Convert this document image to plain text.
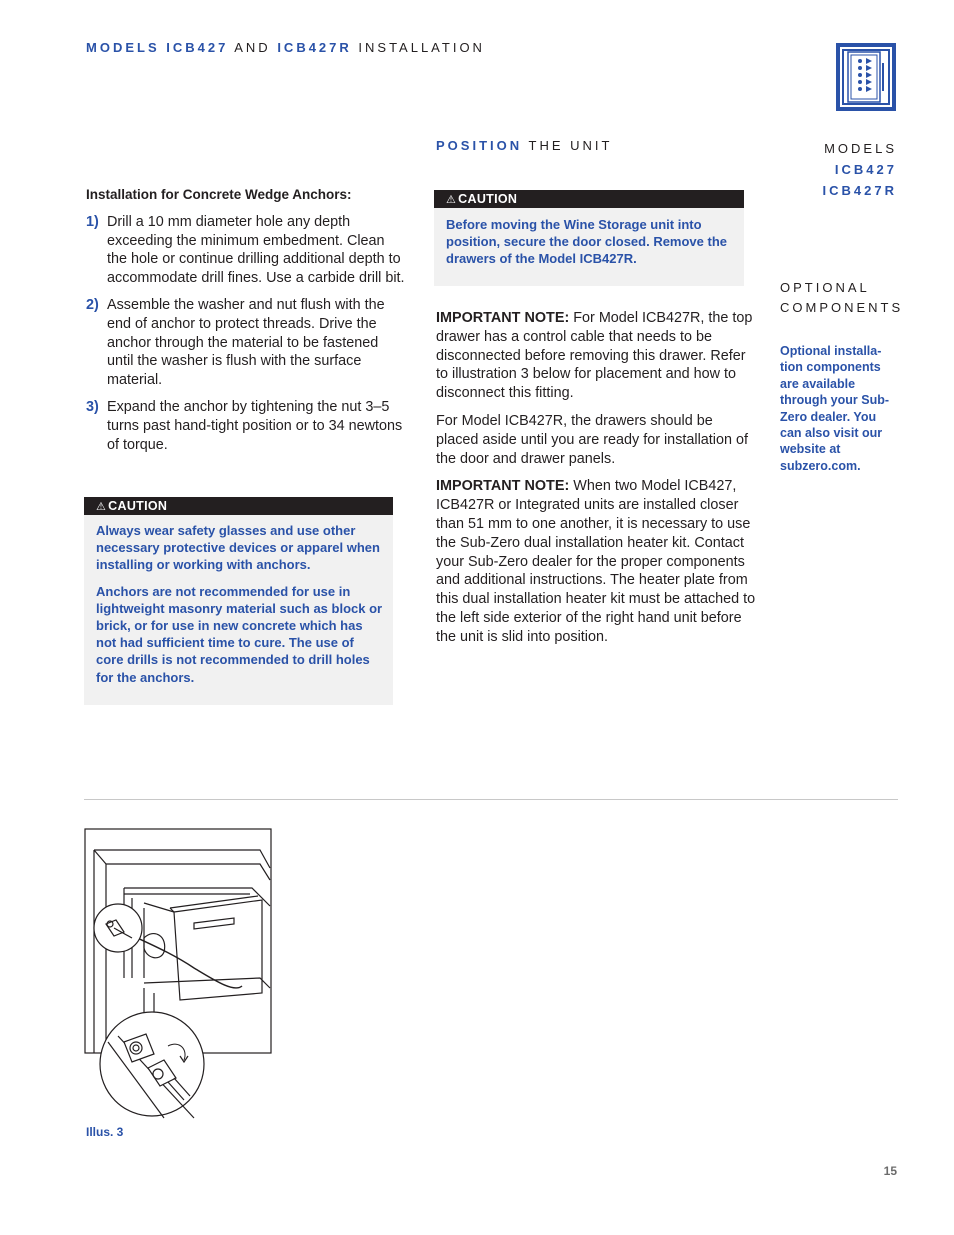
MODELS ICB427 AND ICB427R INSTALLATION
POSITION THE UNIT	MODELS
ICB427
ICB427R
OPTIONAL
COMPONENTS
Optional installa- tion components are available through your Sub-Zero dealer. You can also visit our website at subzero.com.
Installation for Concrete Wedge Anchors:
1) Drill a 10 mm diameter hole any depth exceeding the minimum embedment. Clean the hole or continue drilling additional depth to accommodate drill fines. Use a carbide drill bit.
2) Assemble the washer and nut flush with the end of anchor to protect threads. Drive the anchor through the material to be fastened until the washer is flush with the surface material.
3) Expand the anchor by tightening the nut 3–5 turns past hand-tight position or to 34 newtons of torque.
⚠ CAUTION

Always wear safety glasses and use other necessary protective devices or apparel when installing or working with anchors.

Anchors are not recommended for use in lightweight masonry material such as block or brick, or for use in new concrete which has not had sufficient time to cure. The use of core drills is not recommended to drill holes for the anchors.

⚠ CAUTION

Before moving the Wine Storage unit into position, secure the door closed. Remove the drawers of the Model ICB427R.

IMPORTANT NOTE: For Model ICB427R, the top drawer has a control cable that needs to be disconnected before removing this drawer. Refer to illustration 3 below for placement and how to disconnect this fitting.

For Model ICB427R, the drawers should be placed aside until you are ready for installation of the door and drawer panels.

IMPORTANT NOTE: When two Model ICB427, ICB427R or Integrated units are installed closer than 51 mm to one another, it is necessary to use the Sub-Zero dual installation heater kit. Contact your Sub-Zero dealer for the proper components and additional instructions. The heater plate from this dual installation heater kit must be attached to the left side exterior of the right hand unit before the unit is slid into position.

Illus. 3
15
